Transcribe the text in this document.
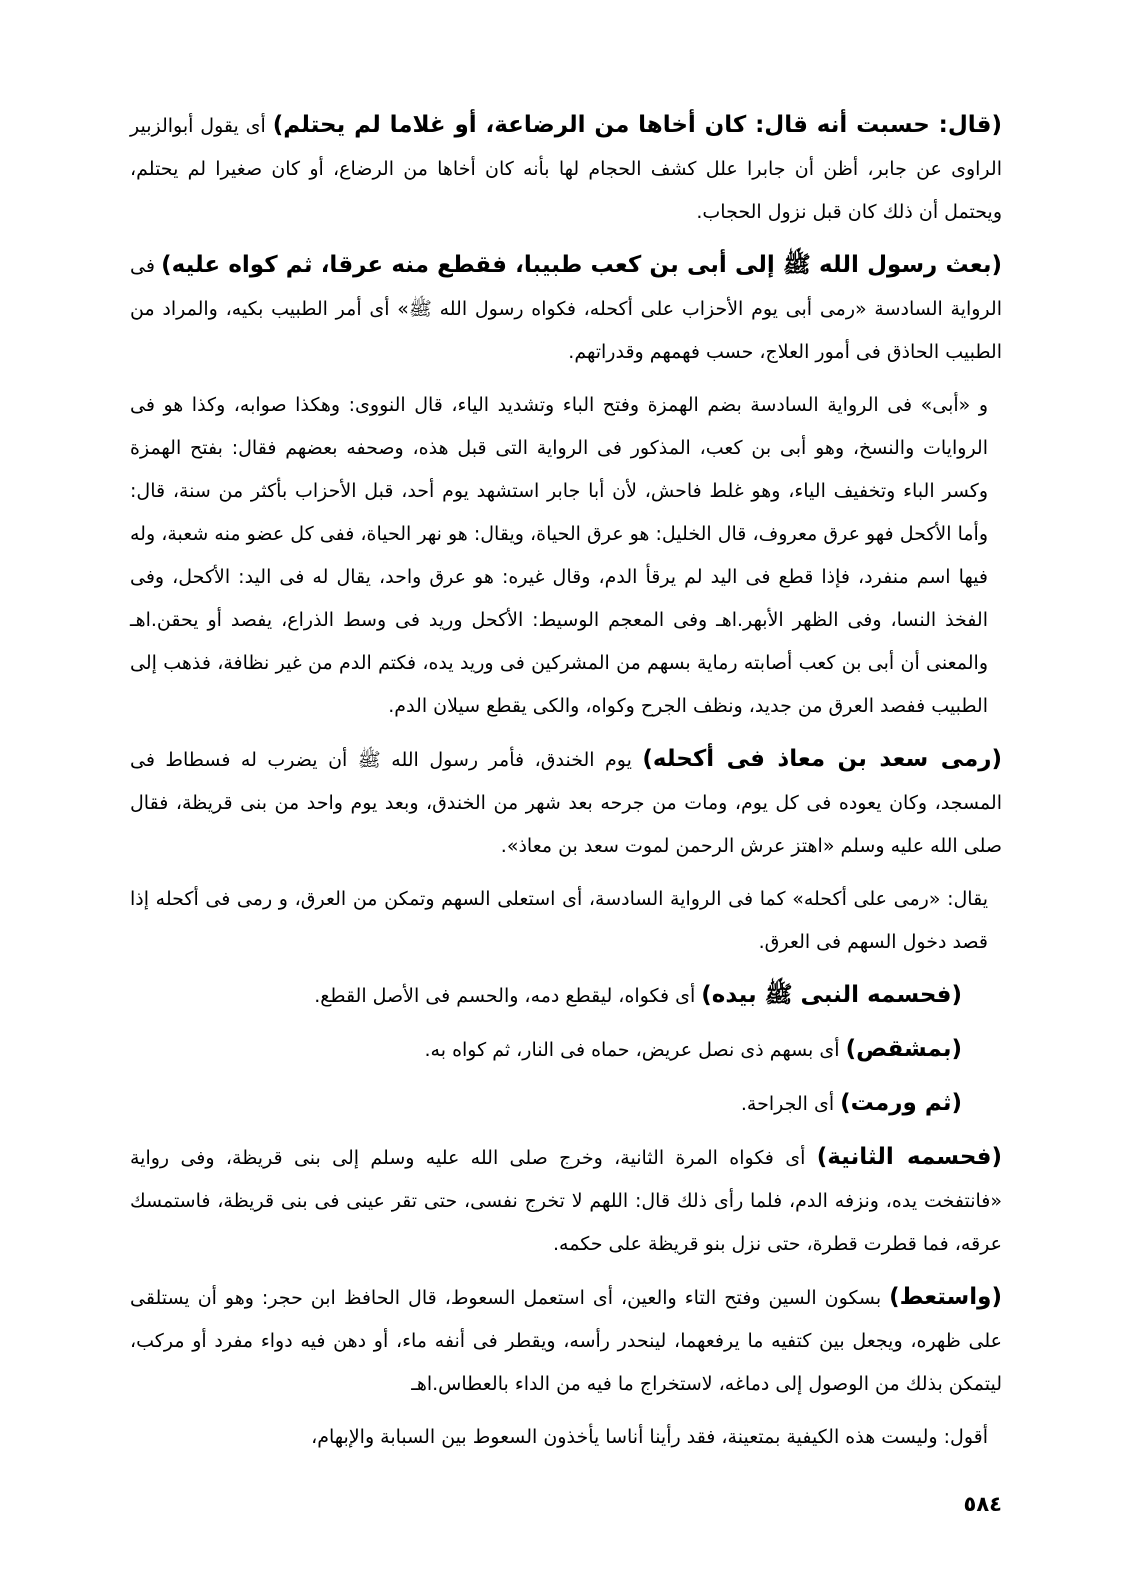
(قال: حسبت أنه قال: كان أخاها من الرضاعة، أو غلاما لم يحتلم) أى يقول أبوالزبير الراوى عن جابر، أظن أن جابرا علل كشف الحجام لها بأنه كان أخاها من الرضاع، أو كان صغيرا لم يحتلم، ويحتمل أن ذلك كان قبل نزول الحجاب.

(بعث رسول الله ﷺ إلى أبى بن كعب طبيبا، فقطع منه عرقا، ثم كواه عليه) فى الرواية السادسة «رمى أبى يوم الأحزاب على أكحله، فكواه رسول الله ﷺ» أى أمر الطبيب بكيه، والمراد من الطبيب الحاذق فى أمور العلاج، حسب فهمهم وقدراتهم.

و «أبى» فى الرواية السادسة بضم الهمزة وفتح الباء وتشديد الياء، قال النووى: وهكذا صوابه، وكذا هو فى الروايات والنسخ، وهو أبى بن كعب، المذكور فى الرواية التى قبل هذه، وصحفه بعضهم فقال: بفتح الهمزة وكسر الباء وتخفيف الياء، وهو غلط فاحش، لأن أبا جابر استشهد يوم أحد، قبل الأحزاب بأكثر من سنة، قال: وأما الأكحل فهو عرق معروف، قال الخليل: هو عرق الحياة، ويقال: هو نهر الحياة، ففى كل عضو منه شعبة، وله فيها اسم منفرد، فإذا قطع فى اليد لم يرقأ الدم، وقال غيره: هو عرق واحد، يقال له فى اليد: الأكحل، وفى الفخذ النسا، وفى الظهر الأبهر.اهـ وفى المعجم الوسيط: الأكحل وريد فى وسط الذراع، يفصد أو يحقن.اهـ والمعنى أن أبى بن كعب أصابته رماية بسهم من المشركين فى وريد يده، فكتم الدم من غير نظافة، فذهب إلى الطبيب ففصد العرق من جديد، ونظف الجرح وكواه، والكى يقطع سيلان الدم.

(رمى سعد بن معاذ فى أكحله) يوم الخندق، فأمر رسول الله ﷺ أن يضرب له فسطاط فى المسجد، وكان يعوده فى كل يوم، ومات من جرحه بعد شهر من الخندق، وبعد يوم واحد من بنى قريظة، فقال صلى الله عليه وسلم «اهتز عرش الرحمن لموت سعد بن معاذ».

يقال: «رمى على أكحله» كما فى الرواية السادسة، أى استعلى السهم وتمكن من العرق، و رمى فى أكحله إذا قصد دخول السهم فى العرق.

(فحسمه النبى ﷺ بيده) أى فكواه، ليقطع دمه، والحسم فى الأصل القطع.

(بمشقص) أى بسهم ذى نصل عريض، حماه فى النار، ثم كواه به.

(ثم ورمت) أى الجراحة.

(فحسمه الثانية) أى فكواه المرة الثانية، وخرج صلى الله عليه وسلم إلى بنى قريظة، وفى رواية «فانتفخت يده، ونزفه الدم، فلما رأى ذلك قال: اللهم لا تخرج نفسى، حتى تقر عينى فى بنى قريظة، فاستمسك عرقه، فما قطرت قطرة، حتى نزل بنو قريظة على حكمه.

(واستعط) بسكون السين وفتح التاء والعين، أى استعمل السعوط، قال الحافظ ابن حجر: وهو أن يستلقى على ظهره، ويجعل بين كتفيه ما يرفعهما، لينحدر رأسه، ويقطر فى أنفه ماء، أو دهن فيه دواء مفرد أو مركب، ليتمكن بذلك من الوصول إلى دماغه، لاستخراج ما فيه من الداء بالعطاس.اهـ

أقول: وليست هذه الكيفية بمتعينة، فقد رأينا أناسا يأخذون السعوط بين السبابة والإبهام،

٥٨٤
